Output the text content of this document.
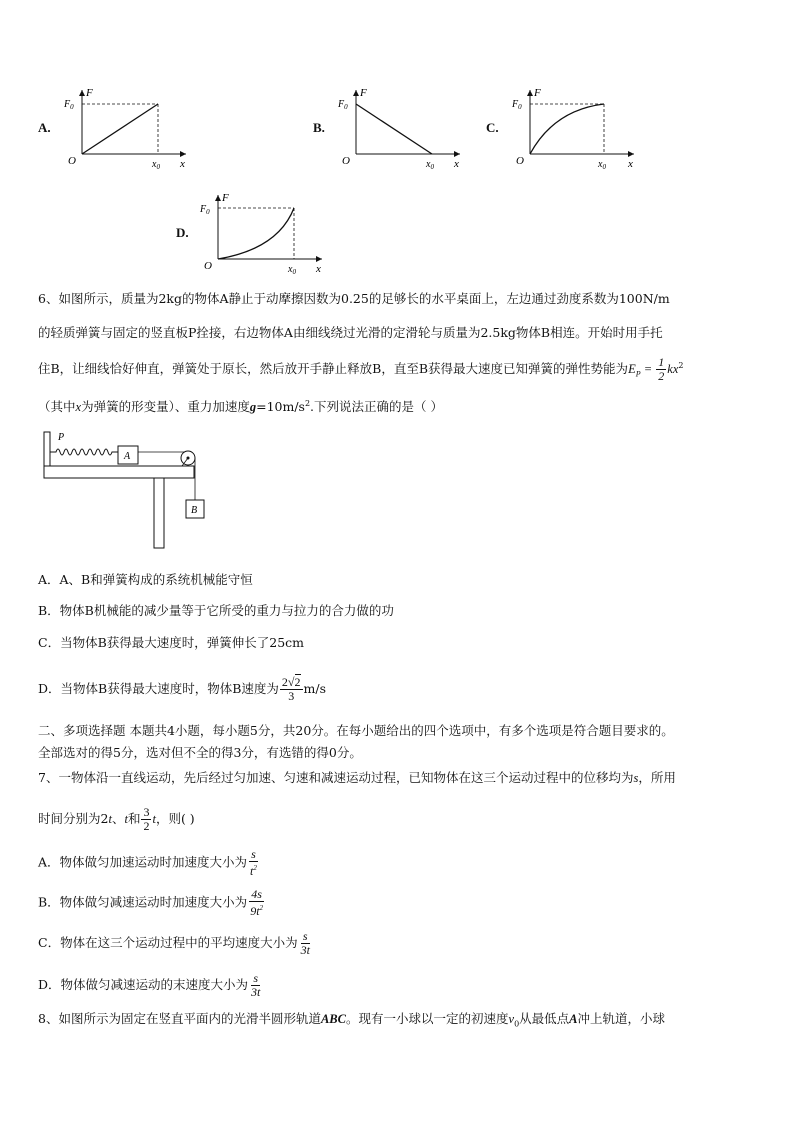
A.
F
$F_0$
O	$x_0$ x
B.
F
$F_0$
O	$x_0$ x
C.
F
$F_0$
O	$x_0$ x
D.
F
$F_0$
O	$x_0$ x
6、如图所示，质量为2kg的物体A静止于动摩擦因数为0.25的足够长的水平桌面上，左边通过劲度系数为100N/m
的轻质弹簧与固定的竖直板P拴接，右边物体A由细线绕过光滑的定滑轮与质量为2.5kg物体B相连。开始时用手托
住B，让细线恰好伸直，弹簧处于原长，然后放开手静止释放B，直至B获得最大速度已知弹簧的弹性势能为$E_P = \frac{1}{2} kx^2$
（其中x为弹簧的形变量）、重力加速度$g=10m/s^2$.下列说法正确的是（ ）
P
A
B
A．A、B和弹簧构成的系统机械能守恒
B．物体B机械能的减少量等于它所受的重力与拉力的合力做的功
C．当物体B获得最大速度时，弹簧伸长了25cm
D．当物体B获得最大速度时，物体B速度为 $\frac{2√2}{3} m/s$
二、多项选择题 本题共4小题，每小题5分，共20分。在每小题给出的四个选项中，有多个选项是符合题目要求的。
全部选对的得5分，选对但不全的得3分，有选错的得0分。
7、一物体沿一直线运动，先后经过匀加速、匀速和减速运动过程，已知物体在这三个运动过程中的位移均为s，所用
时间分别为2t、t和 $\frac{3}{2}$ t，则( )
A．物体做匀加速运动时加速度大小为 $\frac{s}{t^2}$
B．物体做匀减速运动时加速度大小为 $\frac{4s}{9t^2}$
C．物体在这三个运动过程中的平均速度大小为 $\frac{s}{3t}$
D．物体做匀减速运动的末速度大小为 $\frac{s}{3t}$
8、如图所示为固定在竖直平面内的光滑半圆形轨道ABC。现有一小球以一定的初速度$v_0$从最低点A冲上轨道，小球
